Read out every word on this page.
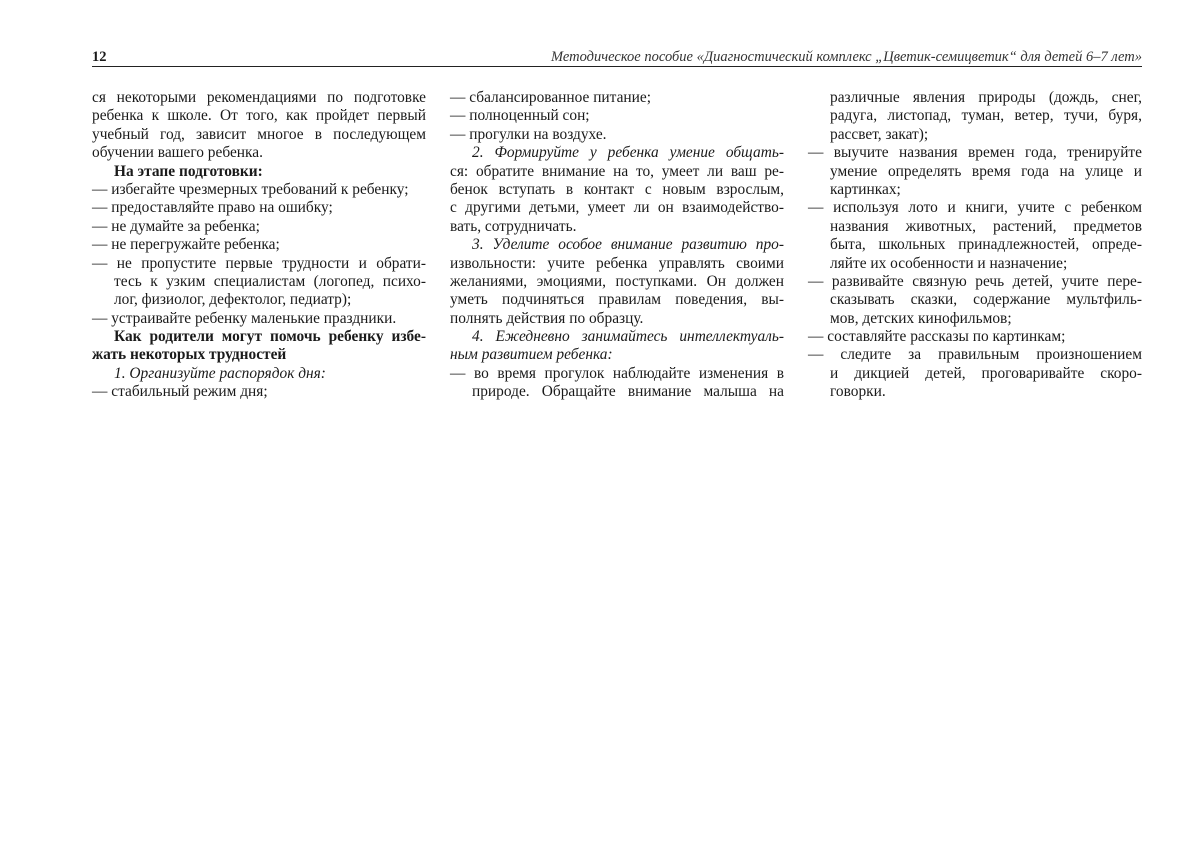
12	Методическое пособие «Диагностический комплекс „Цветик-семицветик“ для детей 6–7 лет»
ся некоторыми рекомендациями по подготовке
ребенка к школе. От того, как пройдет первый
учебный год, зависит многое в последующем
обучении вашего ребенка.
На этапе подготовки:
— избегайте чрезмерных требований к ребенку;
— предоставляйте право на ошибку;
— не думайте за ребенка;
— не перегружайте ребенка;
— не пропустите первые трудности и обрати-
тесь к узким специалистам (логопед, психо-
лог, физиолог, дефектолог, педиатр);
— устраивайте ребенку маленькие праздники.
Как родители могут помочь ребенку избе-
жать некоторых трудностей
1. Организуйте распорядок дня:
— стабильный режим дня;
— сбалансированное питание;
— полноценный сон;
— прогулки на воздухе.
2. Формируйте у ребенка умение общать-
ся: обратите внимание на то, умеет ли ваш ре-
бенок вступать в контакт с новым взрослым,
с другими детьми, умеет ли он взаимодейство-
вать, сотрудничать.
3. Уделите особое внимание развитию про-
извольности: учите ребенка управлять своими
желаниями, эмоциями, поступками. Он должен
уметь подчиняться правилам поведения, вы-
полнять действия по образцу.
4. Ежедневно занимайтесь интеллектуаль-
ным развитием ребенка:
— во время прогулок наблюдайте изменения в
природе. Обращайте внимание малыша на
различные явления природы (дождь, снег,
радуга, листопад, туман, ветер, тучи, буря,
рассвет, закат);
— выучите названия времен года, тренируйте
умение определять время года на улице и
картинках;
— используя лото и книги, учите с ребенком
названия животных, растений, предметов
быта, школьных принадлежностей, опреде-
ляйте их особенности и назначение;
— развивайте связную речь детей, учите пере-
сказывать сказки, содержание мультфиль-
мов, детских кинофильмов;
— составляйте рассказы по картинкам;
— следите за правильным произношением
и дикцией детей, проговаривайте скоро-
говорки.
